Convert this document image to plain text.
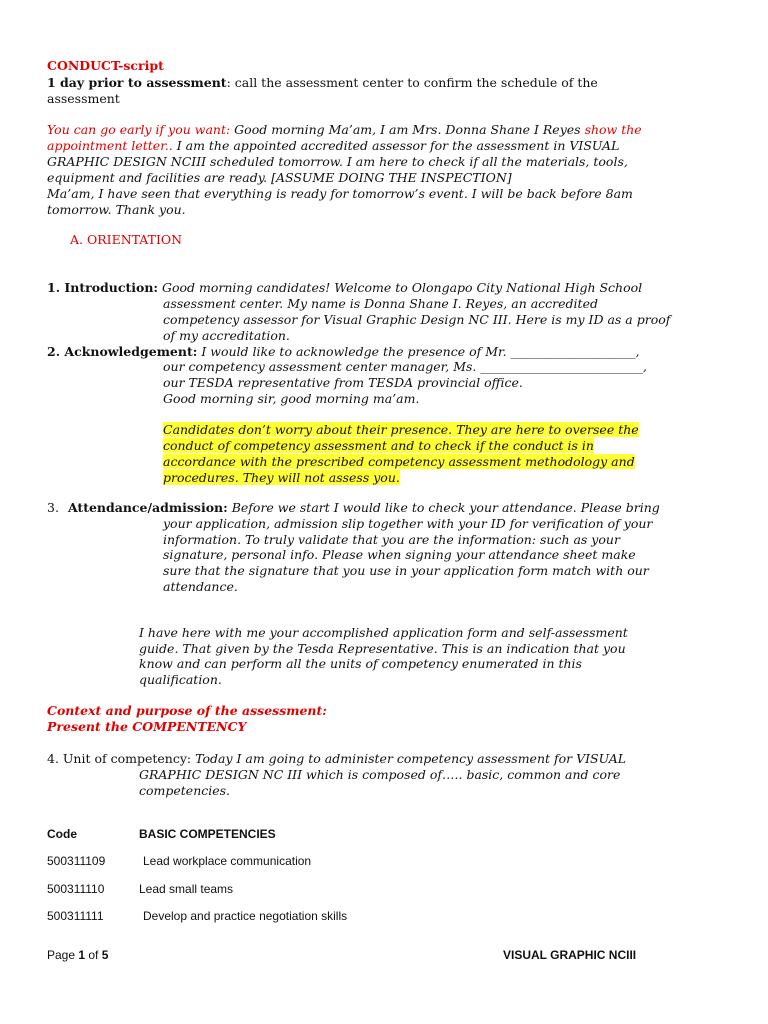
CONDUCT-script
1 day prior to assessment: call the assessment center to confirm the schedule of the
assessment
You can go early if you want: Good morning Ma’am, I am Mrs. Donna Shane I Reyes show the
appointment letter.. I am the appointed accredited assessor for the assessment in VISUAL
GRAPHIC DESIGN NCIII scheduled tomorrow. I am here to check if all the materials, tools,
equipment and facilities are ready. [ASSUME DOING THE INSPECTION]
Ma’am, I have seen that everything is ready for tomorrow’s event. I will be back before 8am
tomorrow. Thank you.
A. ORIENTATION
1. Introduction: Good morning candidates! Welcome to Olongapo City National High School
assessment center. My name is Donna Shane I. Reyes, an accredited
competency assessor for Visual Graphic Design NC III. Here is my ID as a proof
of my accreditation.
2. Acknowledgement: I would like to acknowledge the presence of Mr. ____________________,
our competency assessment center manager, Ms. __________________________,
our TESDA representative from TESDA provincial office.
Good morning sir, good morning ma’am.
Candidates don’t worry about their presence. They are here to oversee the
conduct of competency assessment and to check if the conduct is in
accordance with the prescribed competency assessment methodology and
procedures. They will not assess you.
3. Attendance/admission: Before we start I would like to check your attendance. Please bring
your application, admission slip together with your ID for verification of your
information. To truly validate that you are the information: such as your
signature, personal info. Please when signing your attendance sheet make
sure that the signature that you use in your application form match with our
attendance.
I have here with me your accomplished application form and self-assessment
guide. That given by the Tesda Representative. This is an indication that you
know and can perform all the units of competency enumerated in this
qualification.
Context and purpose of the assessment:
Present the COMPENTENCY
4. Unit of competency: Today I am going to administer competency assessment for VISUAL
GRAPHIC DESIGN NC III which is composed of….. basic, common and core
competencies.
Code	BASIC COMPETENCIES
500311109	Lead workplace communication
500311110	Lead small teams
500311111	Develop and practice negotiation skills
Page 1 of 5	VISUAL GRAPHIC NCIII
